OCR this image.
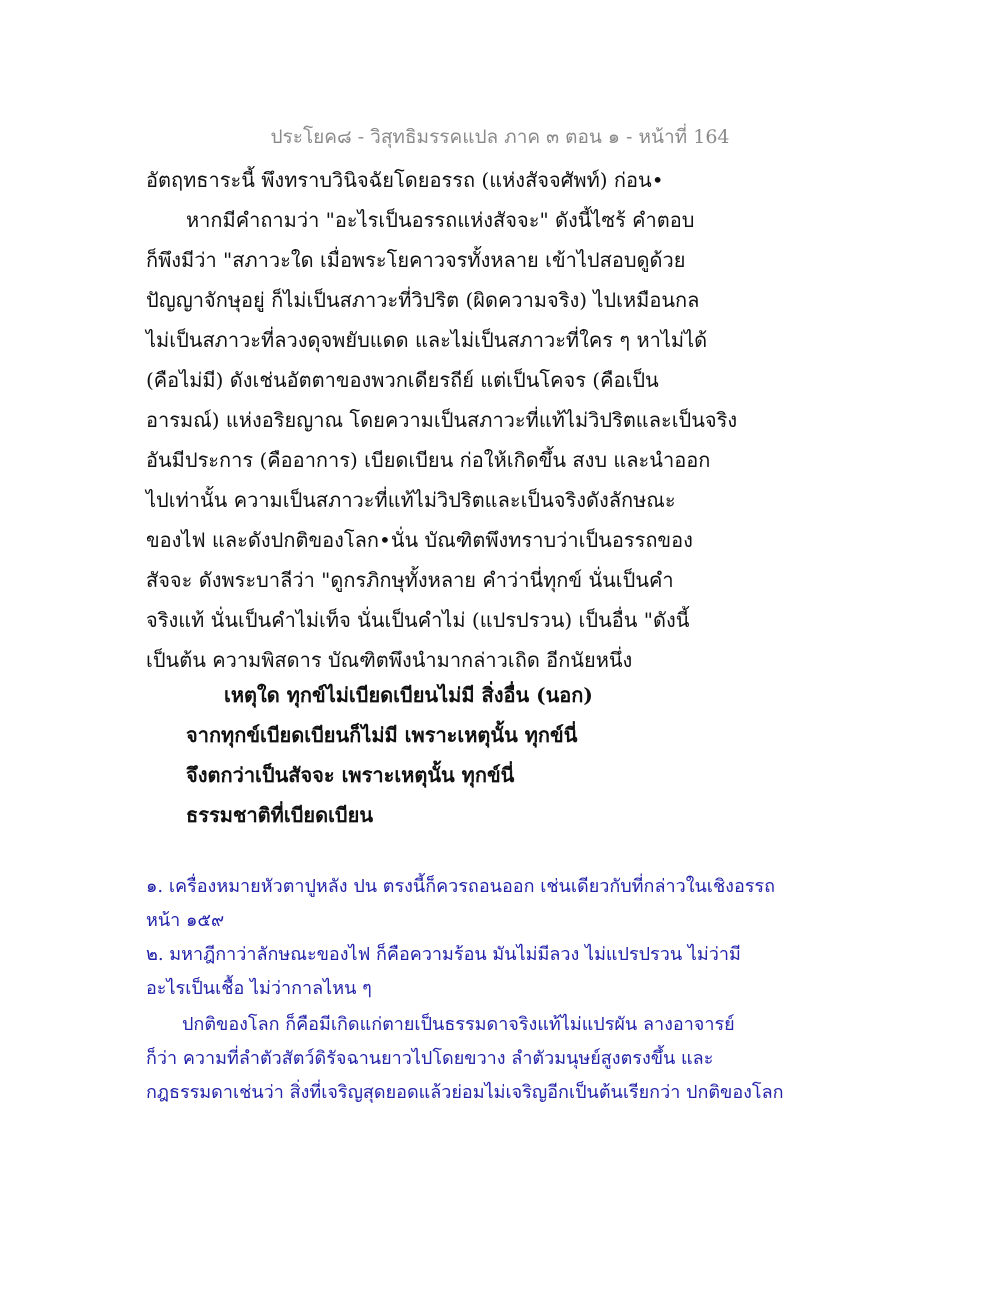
ประโยค๘ - วิสุทธิมรรคแปล ภาค ๓ ตอน ๑ - หน้าที่ 164
อัตฤทธาระนี้ พึงทราบวินิจฉัยโดยอรรถ (แห่งสัจจศัพท์) ก่อน•
หากมีคำถามว่า "อะไรเป็นอรรถแห่งสัจจะ" ดังนี้ไซร้ คำตอบ
ก็พึงมีว่า "สภาวะใด เมื่อพระโยคาวจรทั้งหลาย เข้าไปสอบดูด้วย
ปัญญาจักษุอยู่ ก็ไม่เป็นสภาวะที่วิปริต (ผิดความจริง) ไปเหมือนกล
ไม่เป็นสภาวะที่ลวงดุจพยับแดด และไม่เป็นสภาวะที่ใคร ๆ หาไม่ได้
(คือไม่มี) ดังเช่นอัตตาของพวกเดียรถีย์ แต่เป็นโคจร (คือเป็น
อารมณ์) แห่งอริยญาณ โดยความเป็นสภาวะที่แท้ไม่วิปริตและเป็นจริง
อันมีประการ (คืออาการ) เบียดเบียน ก่อให้เกิดขึ้น สงบ และนำออก
ไปเท่านั้น ความเป็นสภาวะที่แท้ไม่วิปริตและเป็นจริงดังลักษณะ
ของไฟ และดังปกติของโลก•นั่น บัณฑิตพึงทราบว่าเป็นอรรถของ
สัจจะ ดังพระบาลีว่า "ดูกรภิกษุทั้งหลาย คำว่านี่ทุกข์ นั่นเป็นคำ
จริงแท้ นั่นเป็นคำไม่เท็จ นั่นเป็นคำไม่ (แปรปรวน) เป็นอื่น "ดังนี้
เป็นต้น ความพิสดาร บัณฑิตพึงนำมากล่าวเถิด อีกนัยหนึ่ง
เหตุใด ทุกข์ไม่เบียดเบียนไม่มี สิ่งอื่น (นอก)
จากทุกข์เบียดเบียนก็ไม่มี เพราะเหตุนั้น ทุกข์นี่
จึงตกว่าเป็นสัจจะ เพราะเหตุนั้น ทุกข์นี่
ธรรมชาติที่เบียดเบียน
๑. เครื่องหมายหัวตาปูหลัง ปน ตรงนี้ก็ควรถอนออก เช่นเดียวกับที่กล่าวในเชิงอรรถ
หน้า ๑๕๙
๒. มหาฎีกาว่าลักษณะของไฟ ก็คือความร้อน มันไม่มีลวง ไม่แปรปรวน ไม่ว่ามี
อะไรเป็นเชื้อ ไม่ว่ากาลไหน ๆ
ปกติของโลก ก็คือมีเกิดแก่ตายเป็นธรรมดาจริงแท้ไม่แปรผัน ลางอาจารย์
ก็ว่า ความที่ลำตัวสัตว์ดิรัจฉานยาวไปโดยขวาง ลำตัวมนุษย์สูงตรงขึ้น และ
กฎธรรมดาเช่นว่า สิ่งที่เจริญสุดยอดแล้วย่อมไม่เจริญอีกเป็นต้นเรียกว่า ปกติของโลก
